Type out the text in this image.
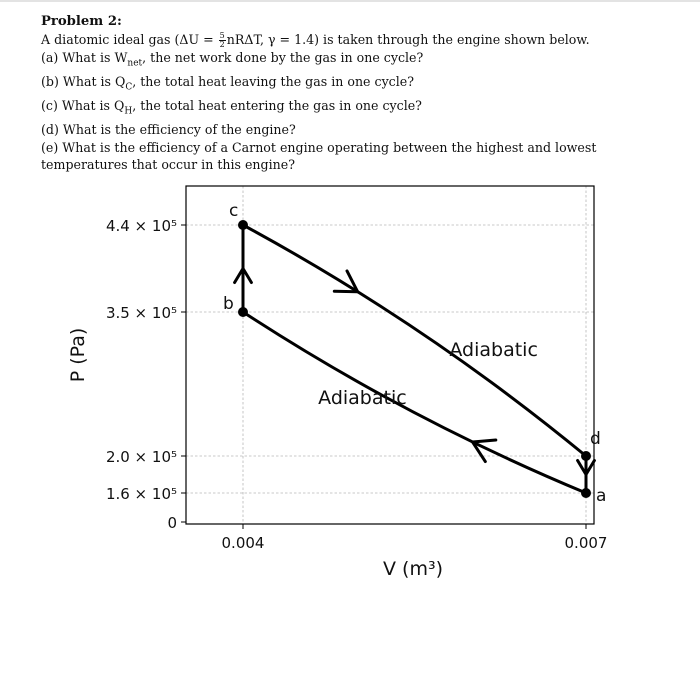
Problem 2:
A diatomic ideal gas ($\Delta U = \frac{5}{2} nR\Delta T$, γ = 1.4) is taken through the engine shown below.
(a) What is $W_{net}$, the net work done by the gas in one cycle?
(b) What is $Q_C$, the total heat leaving the gas in one cycle?
(c) What is $Q_H$, the total heat entering the gas in one cycle?
(d) What is the efficiency of the engine?
(e) What is the efficiency of a Carnot engine operating between the highest and lowest temperatures that occur in this engine?
0.004	0.007
0
1.6 × 10⁵
2.0 × 10⁵
3.5 × 10⁵
4.4 × 10⁵
Adiabatic
Adiabatic
a
b
c
d
V (m³)
P (Pa)
